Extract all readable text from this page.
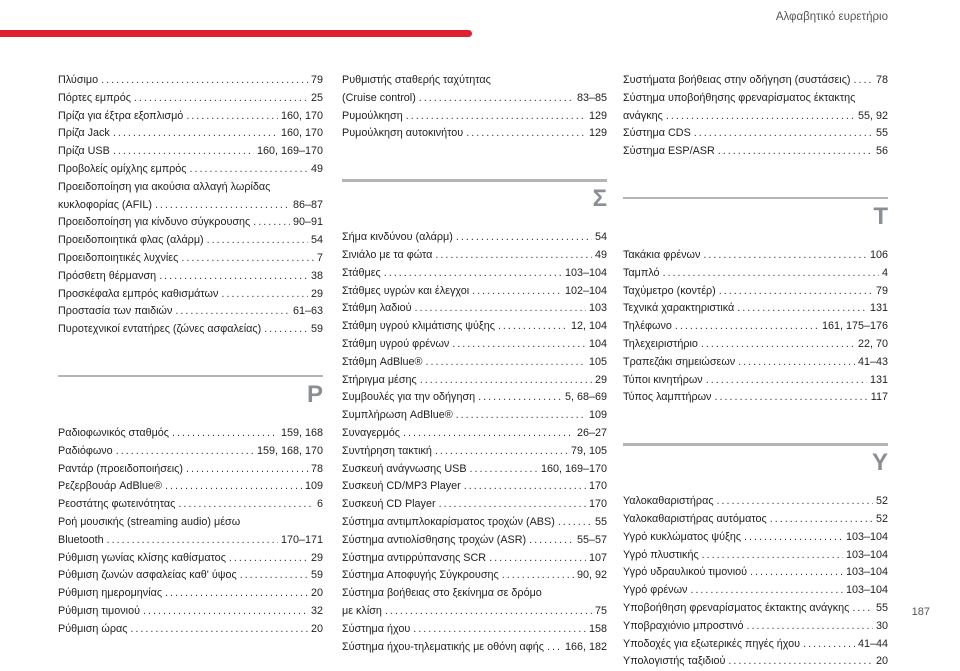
Αλφαβητικό ευρετήριο
Πλύσιμο .....	79
Πόρτες εμπρός .....	25
Πρίζα για έξτρα εξοπλισμό .....	160, 170
Πρίζα Jack .....	160, 170
Πρίζα USB .....	160, 169–170
Προβολείς ομίχλης εμπρός .....	49
Προειδοποίηση για ακούσια αλλαγή λωρίδας
κυκλοφορίας (AFIL) .....	86–87
Προειδοποίηση για κίνδυνο σύγκρουσης .....	90–91
Προειδοποιητικά φλας (αλάρμ) .....	54
Προειδοποιητικές λυχνίες .....	7
Πρόσθετη θέρμανση .....	38
Προσκέφαλα εμπρός καθισμάτων .....	29
Προστασία των παιδιών .....	61–63
Πυροτεχνικοί εντατήρες (ζώνες ασφαλείας) .....	59
Ρ
Ραδιοφωνικός σταθμός .....	159, 168
Ραδιόφωνο .....	159, 168, 170
Ραντάρ (προειδοποιήσεις) .....	78
Ρεζερβουάρ AdBlue® .....	109
Ρεοστάτης φωτεινότητας .....	6
Ροή μουσικής (streaming audio) μέσω
Bluetooth .....	170–171
Ρύθμιση γωνίας κλίσης καθίσματος .....	29
Ρύθμιση ζωνών ασφαλείας καθ' ύψος .....	59
Ρύθμιση ημερομηνίας .....	20
Ρύθμιση τιμονιού .....	32
Ρύθμιση ώρας .....	20
Ρυθμιστής σταθερής ταχύτητας
(Cruise control) .....	83–85
Ρυμούλκηση .....	129
Ρυμούλκηση αυτοκινήτου .....	129
Σ
Σήμα κινδύνου (αλάρμ) .....	54
Σινιάλο με τα φώτα .....	49
Στάθμες .....	103–104
Στάθμες υγρών και έλεγχοι .....	102–104
Στάθμη λαδιού .....	103
Στάθμη υγρού κλιμάτισης ψύξης .....	12, 104
Στάθμη υγρού φρένων .....	104
Στάθμη AdBlue® .....	105
Στήριγμα μέσης .....	29
Συμβουλές για την οδήγηση .....	5, 68–69
Συμπλήρωση AdBlue® .....	109
Συναγερμός .....	26–27
Συντήρηση τακτική .....	79, 105
Συσκευή ανάγνωσης USB .....	160, 169–170
Συσκευή CD/MP3 Player .....	170
Συσκευή CD Player .....	170
Σύστημα αντιμπλοκαρίσματος τροχών (ABS) .....	55
Σύστημα αντιολίσθησης τροχών (ASR) .....	55–57
Σύστημα αντιρρύπανσης SCR .....	107
Σύστημα Αποφυγής Σύγκρουσης .....	90, 92
Σύστημα βοήθειας στο ξεκίνημα σε δρόμο
με κλίση .....	75
Σύστημα ήχου .....	158
Σύστημα ήχου-τηλεματικής με οθόνη αφής ..... 166, 182
Συστήματα βοήθειας στην οδήγηση (συστάσεις) ..... 78
Σύστημα υποβοήθησης φρεναρίσματος έκτακτης
ανάγκης .....	55, 92
Σύστημα CDS .....	55
Σύστημα ESP/ASR .....	56
Τ
Τακάκια φρένων .....	106
Ταμπλό .....	4
Ταχύμετρο (κοντέρ) .....	79
Τεχνικά χαρακτηριστικά .....	131
Τηλέφωνο .....	161, 175–176
Τηλεχειριστήριο .....	22, 70
Τραπεζάκι σημειώσεων .....	41–43
Τύποι κινητήρων .....	131
Τύπος λαμπτήρων .....	117
Υ
Υαλοκαθαριστήρας .....	52
Υαλοκαθαριστήρας αυτόματος .....	52
Υγρό κυκλώματος ψύξης .....	103–104
Υγρό πλυστικής .....	103–104
Υγρό υδραυλικού τιμονιού .....	103–104
Υγρό φρένων .....	103–104
Υποβοήθηση φρεναρίσματος έκτακτης ανάγκης ..... 55
Υποβραχιόνιο μπροστινό .....	30
Υποδοχές για εξωτερικές πηγές ήχου .....	41–44
Υπολογιστής ταξιδιού .....	20
187
